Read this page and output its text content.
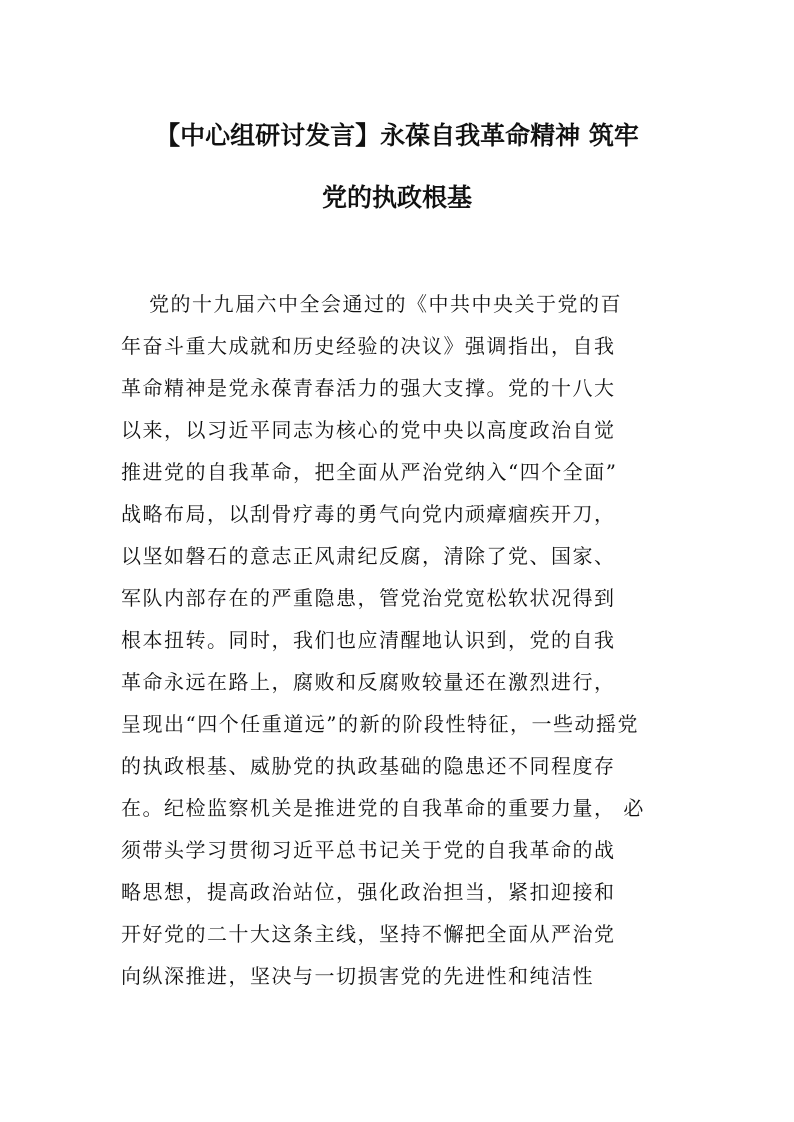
【中心组研讨发言】永葆自我革命精神 筑牢
党的执政根基
党的十九届六中全会通过的《中共中央关于党的百
年奋斗重大成就和历史经验的决议》强调指出，自我
革命精神是党永葆青春活力的强大支撑。党的十八大
以来，以习近平同志为核心的党中央以高度政治自觉
推进党的自我革命，把全面从严治党纳入“四个全面”
战略布局，以刮骨疗毒的勇气向党内顽瘴痼疾开刀，
以坚如磐石的意志正风肃纪反腐，清除了党、国家、
军队内部存在的严重隐患，管党治党宽松软状况得到
根本扭转。同时，我们也应清醒地认识到，党的自我
革命永远在路上，腐败和反腐败较量还在激烈进行，
呈现出“四个任重道远”的新的阶段性特征，一些动摇党
的执政根基、威胁党的执政基础的隐患还不同程度存
在。纪检监察机关是推进党的自我革命的重要力量， 必
须带头学习贯彻习近平总书记关于党的自我革命的战
略思想，提高政治站位，强化政治担当，紧扣迎接和
开好党的二十大这条主线，坚持不懈把全面从严治党
向纵深推进，坚决与一切损害党的先进性和纯洁性
